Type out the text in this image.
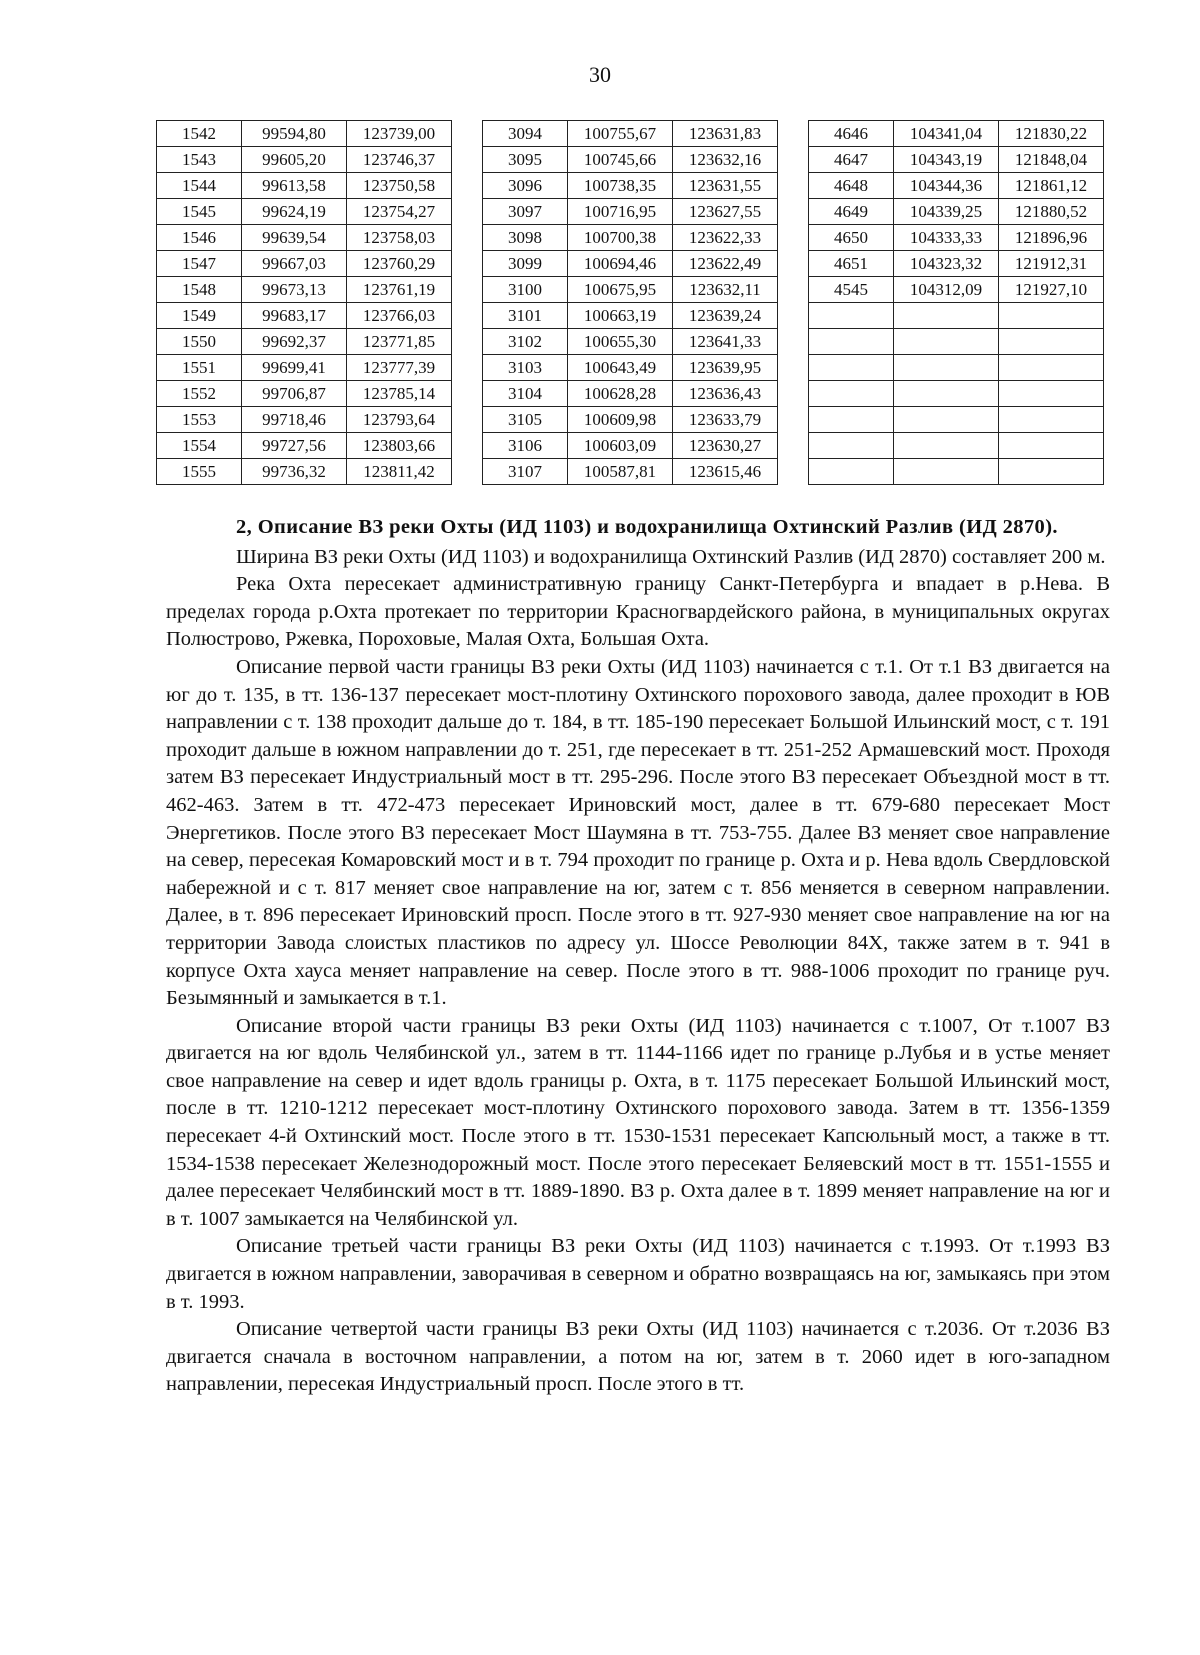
30
1542	99594,80	123739,00
1543	99605,20	123746,37
1544	99613,58	123750,58
1545	99624,19	123754,27
1546	99639,54	123758,03
1547	99667,03	123760,29
1548	99673,13	123761,19
1549	99683,17	123766,03
1550	99692,37	123771,85
1551	99699,41	123777,39
1552	99706,87	123785,14
1553	99718,46	123793,64
1554	99727,56	123803,66
1555	99736,32	123811,42
3094	100755,67	123631,83
3095	100745,66	123632,16
3096	100738,35	123631,55
3097	100716,95	123627,55
3098	100700,38	123622,33
3099	100694,46	123622,49
3100	100675,95	123632,11
3101	100663,19	123639,24
3102	100655,30	123641,33
3103	100643,49	123639,95
3104	100628,28	123636,43
3105	100609,98	123633,79
3106	100603,09	123630,27
3107	100587,81	123615,46
4646	104341,04	121830,22
4647	104343,19	121848,04
4648	104344,36	121861,12
4649	104339,25	121880,52
4650	104333,33	121896,96
4651	104323,32	121912,31
4545	104312,09	121927,10

2, Описание ВЗ реки Охты (ИД 1103) и водохранилища Охтинский Разлив (ИД 2870).

Ширина ВЗ реки Охты (ИД 1103) и водохранилища Охтинский Разлив (ИД 2870) составляет 200 м.

Река Охта пересекает административную границу Санкт-Петербурга и впадает в р.Нева. В пределах города р.Охта протекает по территории Красногвардейского района, в муниципальных округах Полюстрово, Ржевка, Пороховые, Малая Охта, Большая Охта.

Описание первой части границы ВЗ реки Охты (ИД 1103) начинается с т.1. От т.1 ВЗ двигается на юг до т. 135, в тт. 136-137 пересекает мост-плотину Охтинского порохового завода, далее проходит в ЮВ направлении с т. 138 проходит дальше до т. 184, в тт. 185-190 пересекает Большой Ильинский мост, с т. 191 проходит дальше в южном направлении до т. 251, где пересекает в тт. 251-252 Армашевский мост. Проходя затем ВЗ пересекает Индустриальный мост в тт. 295-296. После этого ВЗ пересекает Объездной мост в тт. 462-463. Затем в тт. 472-473 пересекает Ириновский мост, далее в тт. 679-680 пересекает Мост Энергетиков. После этого ВЗ пересекает Мост Шаумяна в тт. 753-755. Далее ВЗ меняет свое направление на север, пересекая Комаровский мост и в т. 794 проходит по границе р. Охта и р. Нева вдоль Свердловской набережной и с т. 817 меняет свое направление на юг, затем с т. 856 меняется в северном направлении. Далее, в т. 896 пересекает Ириновский просп. После этого в тт. 927-930 меняет свое направление на юг на территории Завода слоистых пластиков по адресу ул. Шоссе Революции 84Х, также затем в т. 941 в корпусе Охта хауса меняет направление на север. После этого в тт. 988-1006 проходит по границе руч. Безымянный и замыкается в т.1.

Описание второй части границы ВЗ реки Охты (ИД 1103) начинается с т.1007, От т.1007 ВЗ двигается на юг вдоль Челябинской ул., затем в тт. 1144-1166 идет по границе р.Лубья и в устье меняет свое направление на север и идет вдоль границы р. Охта, в т. 1175 пересекает Большой Ильинский мост, после в тт. 1210-1212 пересекает мост-плотину Охтинского порохового завода. Затем в тт. 1356-1359 пересекает 4-й Охтинский мост. После этого в тт. 1530-1531 пересекает Капсюльный мост, а также в тт. 1534-1538 пересекает Железнодорожный мост. После этого пересекает Беляевский мост в тт. 1551-1555 и далее пересекает Челябинский мост в тт. 1889-1890. ВЗ р. Охта далее в т. 1899 меняет направление на юг и в т. 1007 замыкается на Челябинской ул.

Описание третьей части границы ВЗ реки Охты (ИД 1103) начинается с т.1993. От т.1993 ВЗ двигается в южном направлении, заворачивая в северном и обратно возвращаясь на юг, замыкаясь при этом в т. 1993.

Описание четвертой части границы ВЗ реки Охты (ИД 1103) начинается с т.2036. От т.2036 ВЗ двигается сначала в восточном направлении, а потом на юг, затем в т. 2060 идет в юго-западном направлении, пересекая Индустриальный просп. После этого в тт.
